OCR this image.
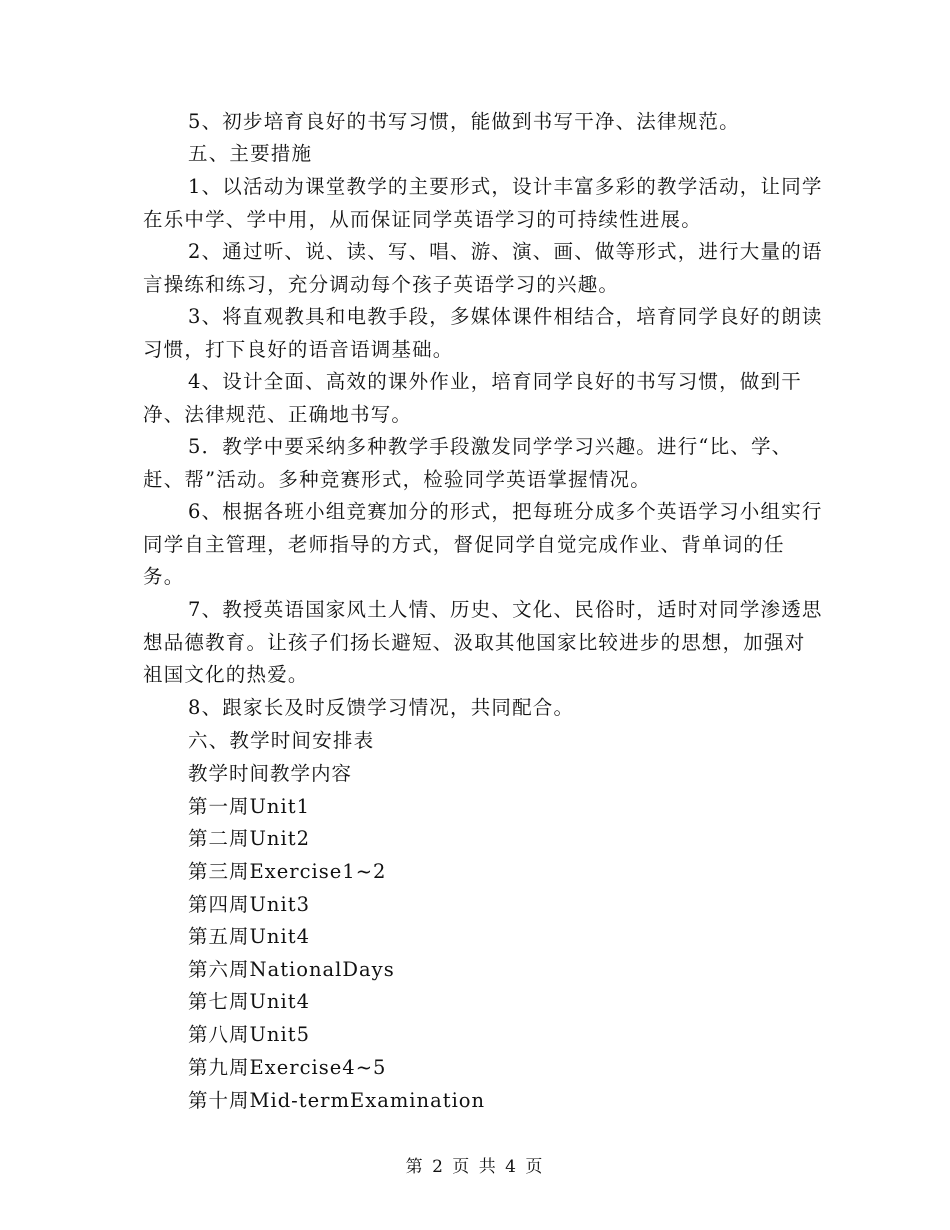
5、初步培育良好的书写习惯，能做到书写干净、法律规范。

五、主要措施

1、以活动为课堂教学的主要形式，设计丰富多彩的教学活动，让同学在乐中学、学中用，从而保证同学英语学习的可持续性进展。

2、通过听、说、读、写、唱、游、演、画、做等形式，进行大量的语言操练和练习，充分调动每个孩子英语学习的兴趣。

3、将直观教具和电教手段，多媒体课件相结合，培育同学良好的朗读习惯，打下良好的语音语调基础。

4、设计全面、高效的课外作业，培育同学良好的书写习惯，做到干净、法律规范、正确地书写。

5．教学中要采纳多种教学手段激发同学学习兴趣。进行“比、学、赶、帮”活动。多种竞赛形式，检验同学英语掌握情况。

6、根据各班小组竞赛加分的形式，把每班分成多个英语学习小组实行同学自主管理，老师指导的方式，督促同学自觉完成作业、背单词的任务。

7、教授英语国家风土人情、历史、文化、民俗时，适时对同学渗透思想品德教育。让孩子们扬长避短、汲取其他国家比较进步的思想，加强对祖国文化的热爱。

8、跟家长及时反馈学习情况，共同配合。

六、教学时间安排表

教学时间教学内容

第一周Unit1

第二周Unit2

第三周Exercise1~2

第四周Unit3

第五周Unit4

第六周NationalDays

第七周Unit4

第八周Unit5

第九周Exercise4~5

第十周Mid-termExamination

第 2 页 共 4 页
